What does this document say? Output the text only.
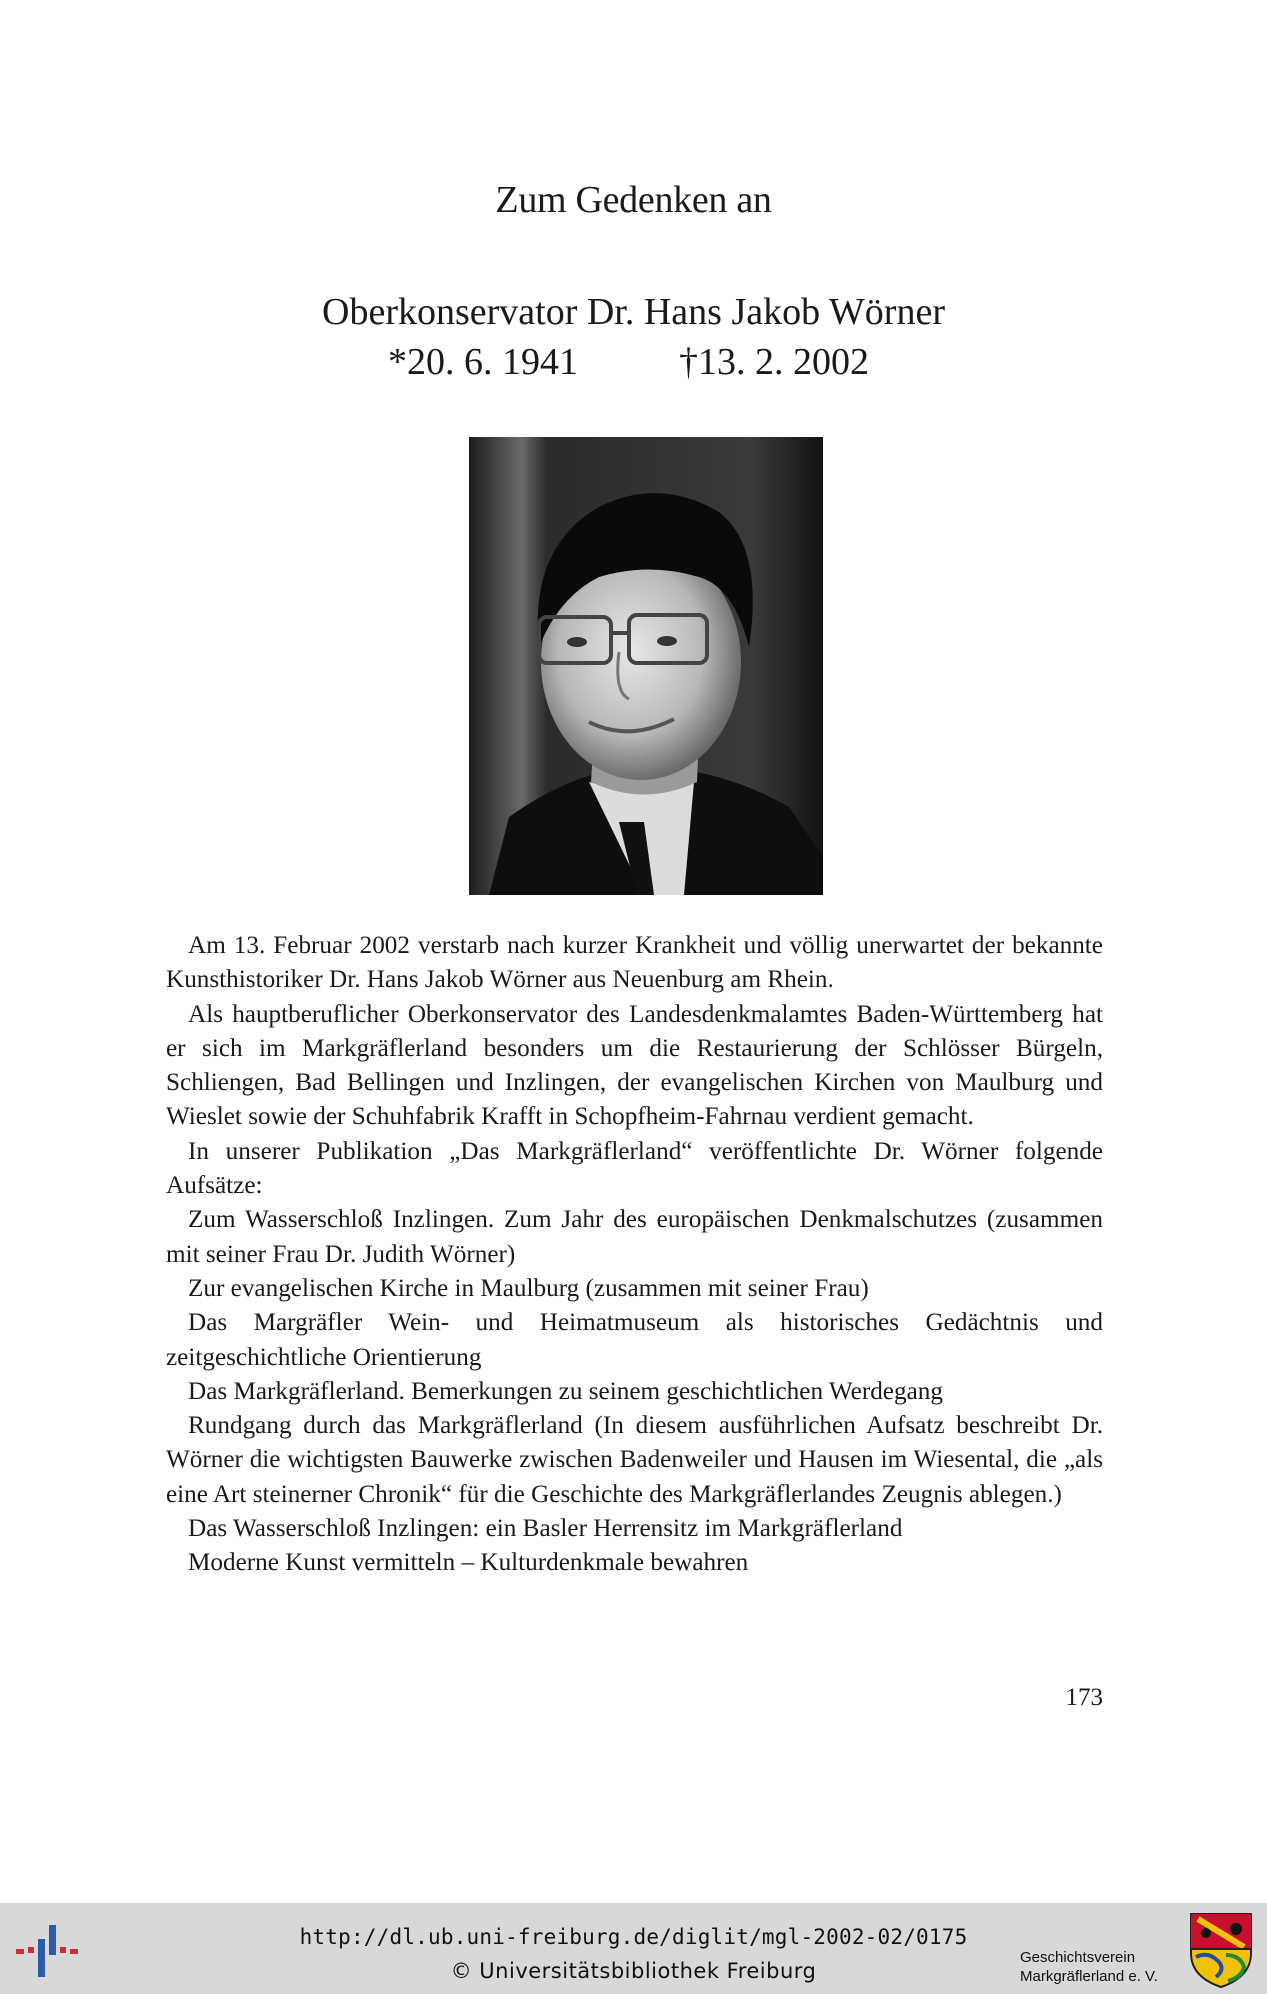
Zum Gedenken an
Oberkonservator Dr. Hans Jakob Wörner
*20. 6. 1941	†13. 2. 2002

Am 13. Februar 2002 verstarb nach kurzer Krankheit und völlig unerwartet der bekannte Kunsthistoriker Dr. Hans Jakob Wörner aus Neuenburg am Rhein.

Als hauptberuflicher Oberkonservator des Landesdenkmalamtes Baden-Württemberg hat er sich im Markgräflerland besonders um die Restaurierung der Schlösser Bürgeln, Schliengen, Bad Bellingen und Inzlingen, der evangelischen Kirchen von Maulburg und Wieslet sowie der Schuhfabrik Krafft in Schopfheim-Fahrnau verdient gemacht.

In unserer Publikation „Das Markgräflerland“ veröffentlichte Dr. Wörner folgende Aufsätze:

Zum Wasserschloß Inzlingen. Zum Jahr des europäischen Denkmalschutzes (zusammen mit seiner Frau Dr. Judith Wörner)

Zur evangelischen Kirche in Maulburg (zusammen mit seiner Frau)

Das Margräfler Wein- und Heimatmuseum als historisches Gedächtnis und zeitgeschichtliche Orientierung

Das Markgräflerland. Bemerkungen zu seinem geschichtlichen Werdegang

Rundgang durch das Markgräflerland (In diesem ausführlichen Aufsatz beschreibt Dr. Wörner die wichtigsten Bauwerke zwischen Badenweiler und Hausen im Wiesental, die „als eine Art steinerner Chronik“ für die Geschichte des Markgräflerlandes Zeugnis ablegen.)

Das Wasserschloß Inzlingen: ein Basler Herrensitz im Markgräflerland

Moderne Kunst vermitteln – Kulturdenkmale bewahren

173
http://dl.ub.uni-freiburg.de/diglit/mgl-2002-02/0175
© Universitätsbibliothek Freiburg
Geschichtsverein
Markgräflerland e. V.
